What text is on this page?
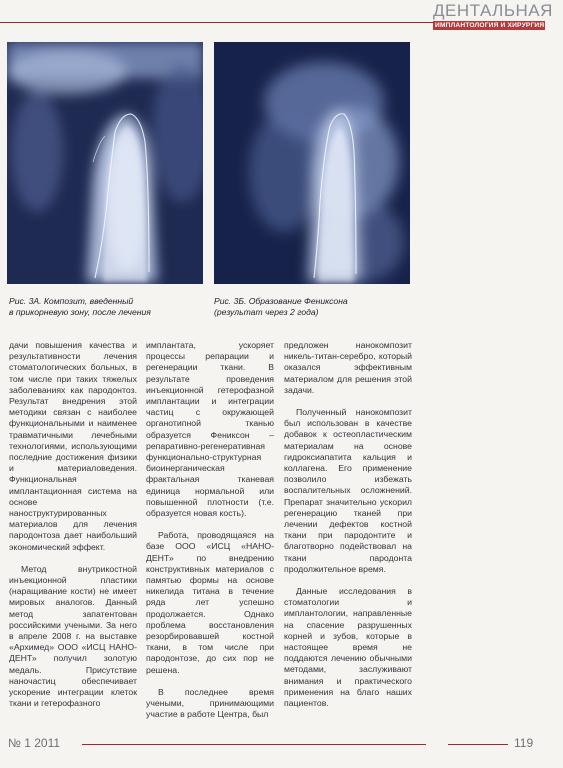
ДЕНТАЛЬНАЯ
ИМПЛАНТОЛОГИЯ И ХИРУРГИЯ
Рис. 3А. Композит, введенный
в прикорневую зону, после лечения
Рис. 3Б. Образование Фениксона
(результат через 2 года)

дачи повышения качества и результативности лечения стоматологических больных, в том числе при таких тяжелых заболеваниях как пародонтоз. Результат внедрения этой методики связан с наиболее функциональными и наименее травматичными лечебными технологиями, использующими последние достижения физики и материаловедения. Функциональная имплантационная система на основе наноструктурированных материалов для лечения пародонтоза дает наибольший экономический эффект.

Метод внутрикостной инъекционной пластики (наращивание кости) не имеет мировых аналогов. Данный метод запатентован российскими учеными. За него в апреле 2008 г. на выставке «Архимед» ООО «ИСЦ НАНО-ДЕНТ» получил золотую медаль. Присутствие наночастиц обеспечивает ускорение интеграции клеток ткани и гетерофазного

имплантата, ускоряет процессы репарации и регенерации ткани. В результате проведения инъекционной гетерофазной имплантации и интеграции частиц с окружающей органотипной тканью образуется Фениксон – репаративно-регенеративная функционально-структурная биоинерганическая фрактальная тканевая единица нормальной или повышенной плотности (т.е. образуется новая кость).

Работа, проводящаяся на базе ООО «ИСЦ «НАНО-ДЕНТ» по внедрению конструктивных материалов с памятью формы на основе никелида титана в течение ряда лет успешно продолжается. Однако проблема восстановления резорбировавшей костной ткани, в том числе при пародонтозе, до сих пор не решена.

В последнее время учеными, принимающими участие в работе Центра, был

предложен нанокомпозит никель-титан-серебро, который оказался эффективным материалом для решения этой задачи.

Полученный нанокомпозит был использован в качестве добавок к остеопластическим материалам на основе гидроксиапатита кальция и коллагена. Его применение позволило избежать воспалительных осложнений. Препарат значительно ускорил регенерацию тканей при лечении дефектов костной ткани при пародонтите и благотворно подействовал на ткани пародонта продолжительное время.

Данные исследования в стоматологии и имплантологии, направленные на спасение разрушенных корней и зубов, которые в настоящее время не поддаются лечению обычными методами, заслуживают внимания и практического применения на благо наших пациентов.

№ 1 2011	119
